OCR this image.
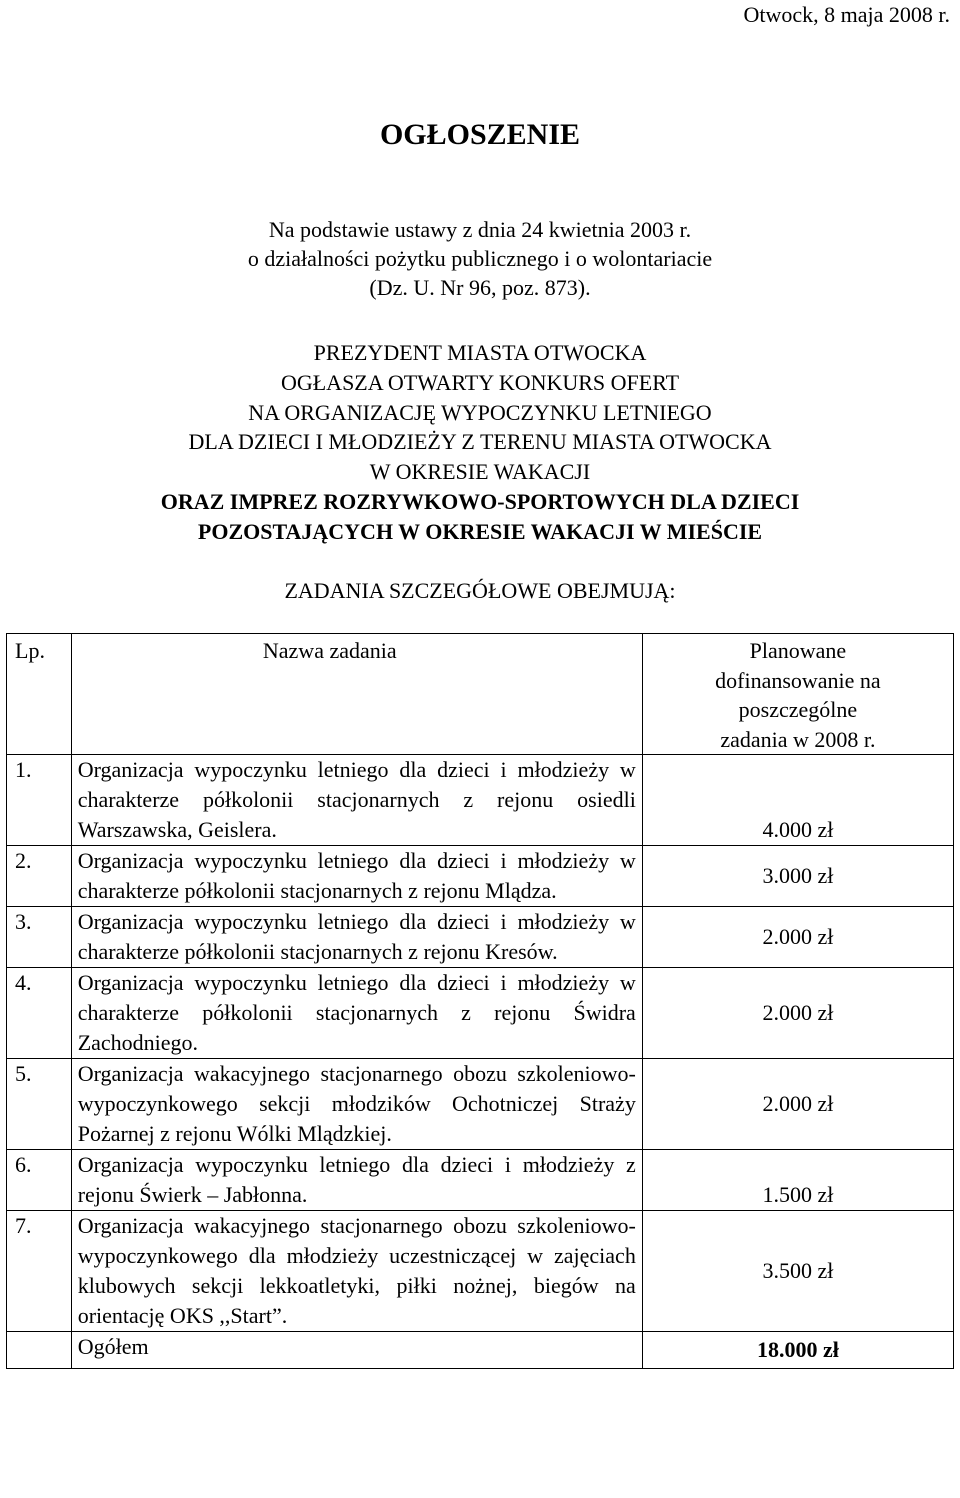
Otwock, 8 maja 2008 r.
OGŁOSZENIE
Na podstawie ustawy z dnia 24 kwietnia 2003 r.
o działalności pożytku publicznego i o wolontariacie
(Dz. U. Nr 96, poz. 873).
PREZYDENT MIASTA OTWOCKA
OGŁASZA OTWARTY KONKURS OFERT
NA ORGANIZACJĘ WYPOCZYNKU LETNIEGO
DLA DZIECI I MŁODZIEŻY Z TERENU MIASTA OTWOCKA
W OKRESIE WAKACJI
ORAZ IMPREZ ROZRYWKOWO-SPORTOWYCH DLA DZIECI
POZOSTAJĄCYCH W OKRESIE WAKACJI W MIEŚCIE
ZADANIA SZCZEGÓŁOWE OBEJMUJĄ:
Lp.	Nazwa zadania	Planowane
dofinansowanie na
poszczególne
zadania w 2008 r.

1.	Organizacja wypoczynku letniego dla dzieci i młodzieży w charakterze półkolonii stacjonarnych z rejonu osiedli Warszawska, Geislera.	4.000 zł
2.	Organizacja wypoczynku letniego dla dzieci i młodzieży w charakterze półkolonii stacjonarnych z rejonu Mlądza.	3.000 zł
3.	Organizacja wypoczynku letniego dla dzieci i młodzieży w charakterze półkolonii stacjonarnych z rejonu Kresów.	2.000 zł
4.	Organizacja wypoczynku letniego dla dzieci i młodzieży w charakterze półkolonii stacjonarnych z rejonu Świdra Zachodniego.	2.000 zł
5.	Organizacja wakacyjnego stacjonarnego obozu szkoleniowo-wypoczynkowego sekcji młodzików Ochotniczej Straży Pożarnej z rejonu Wólki Mlądzkiej.	2.000 zł
6.	Organizacja wypoczynku letniego dla dzieci i młodzieży z rejonu Świerk – Jabłonna.	1.500 zł
7.	Organizacja wakacyjnego stacjonarnego obozu szkoleniowo-wypoczynkowego dla młodzieży uczestniczącej w zajęciach klubowych sekcji lekkoatletyki, piłki nożnej, biegów na orientację OKS ,,Start”.	3.500 zł
	Ogółem	18.000 zł
